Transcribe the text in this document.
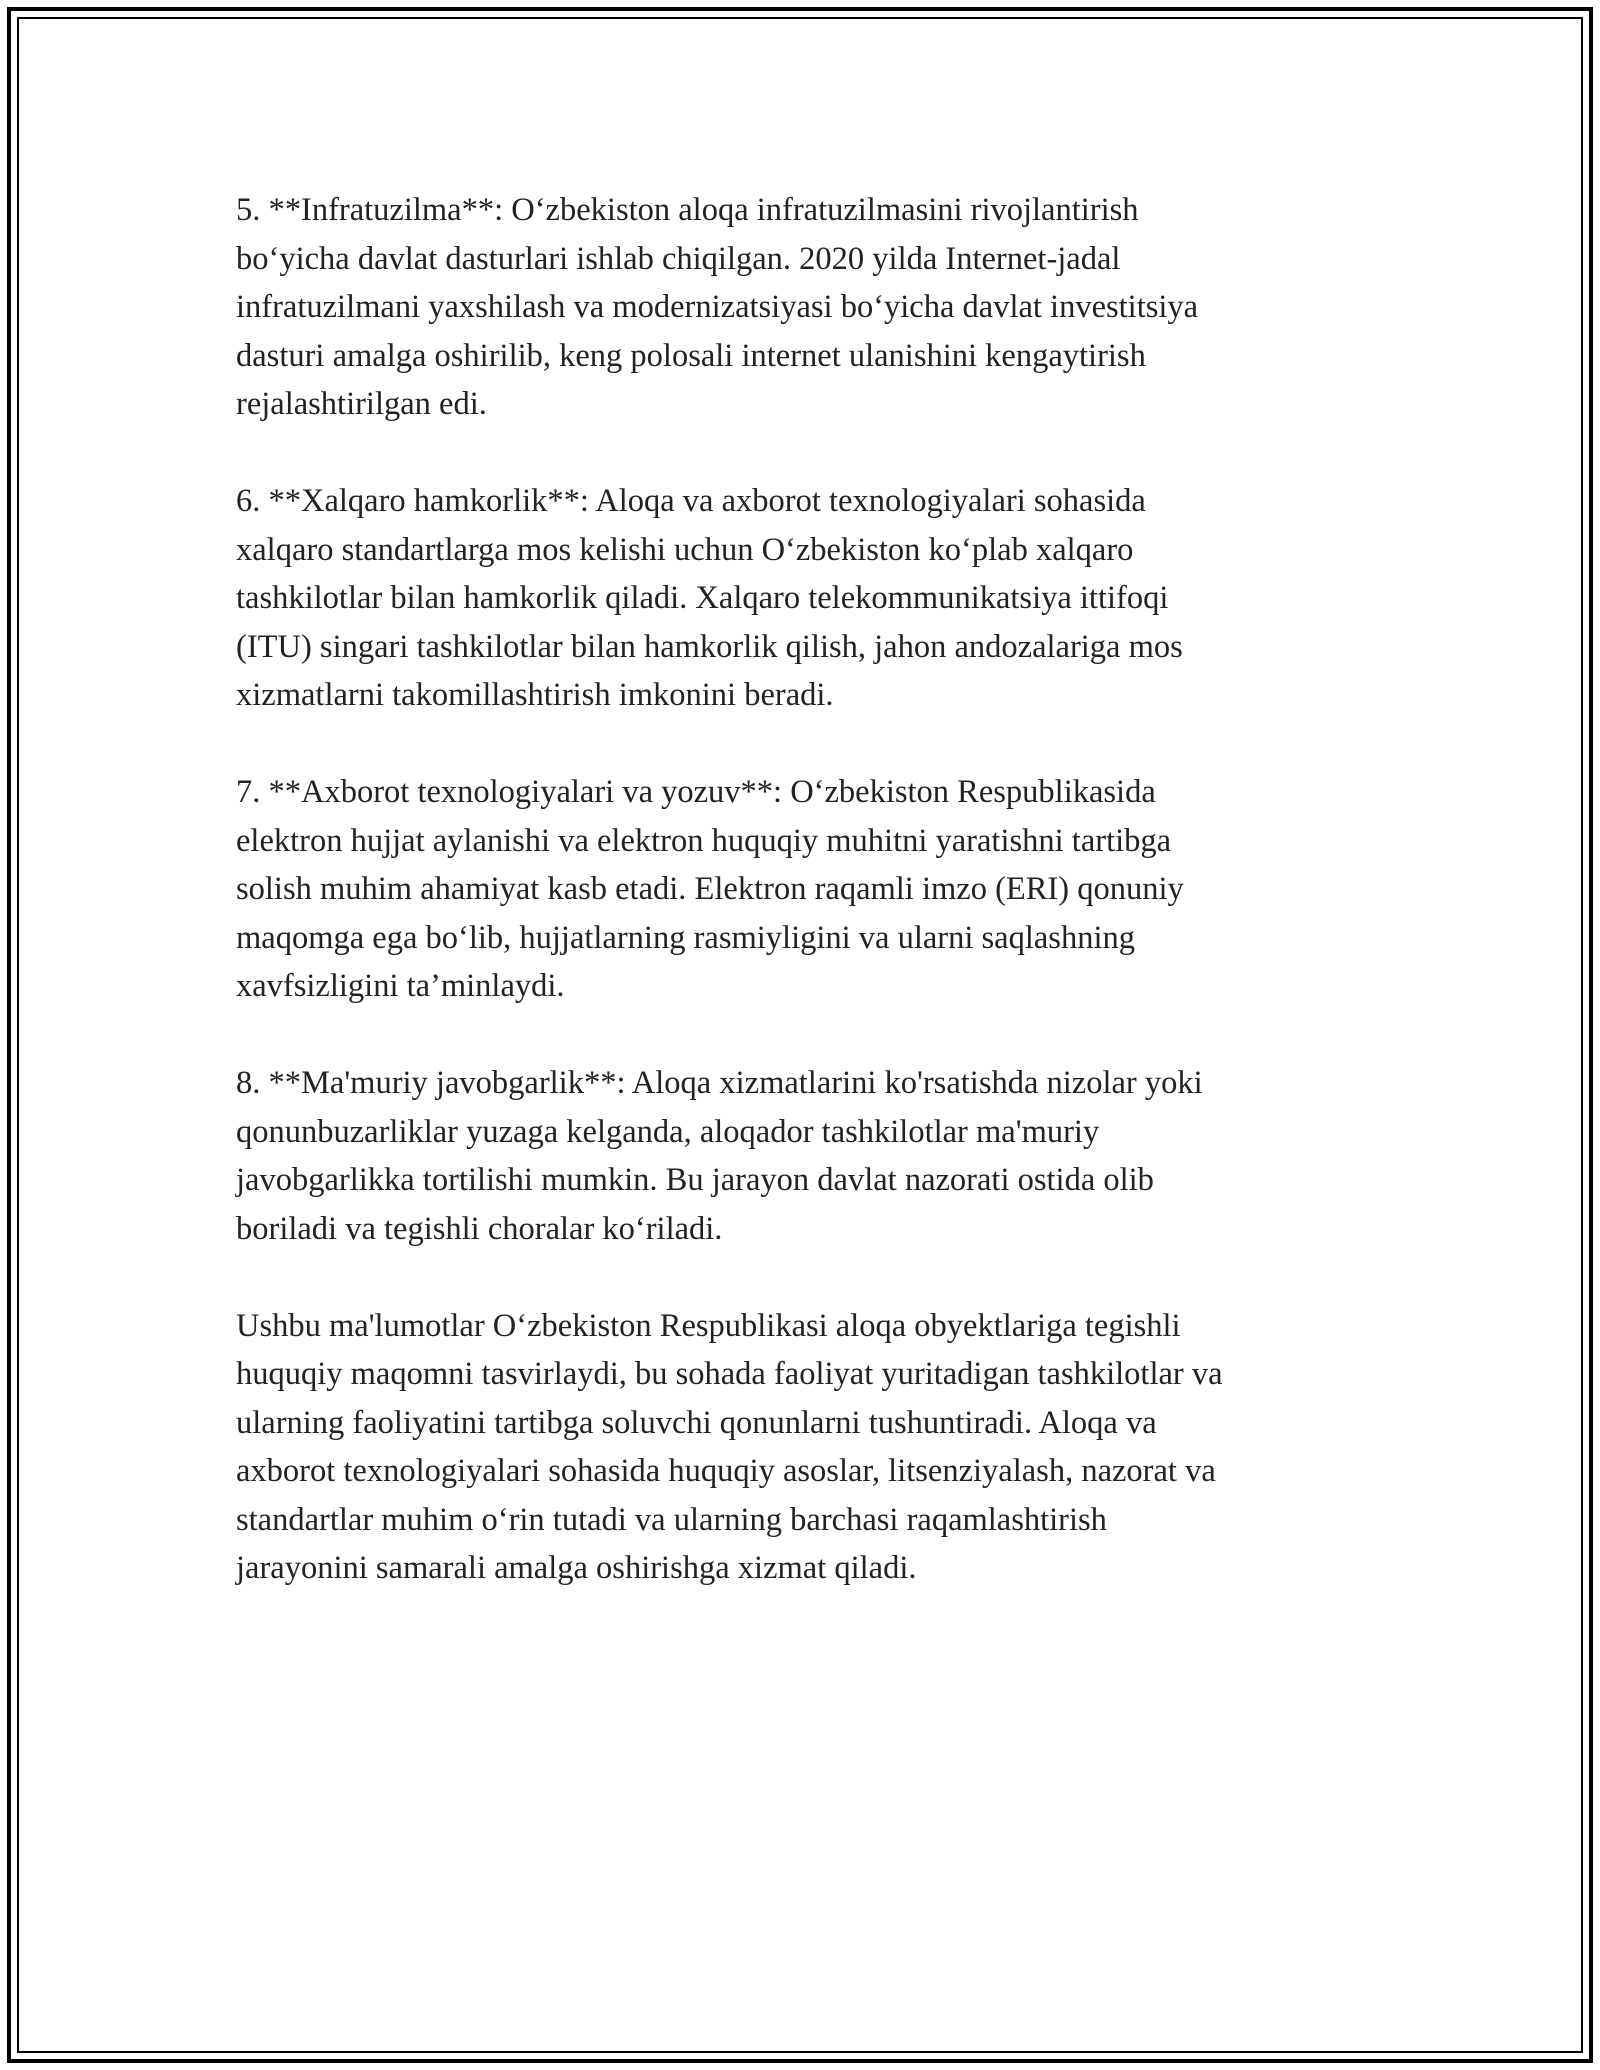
5. **Infratuzilma**: O‘zbekiston aloqa infratuzilmasini rivojlantirish
bo‘yicha davlat dasturlari ishlab chiqilgan. 2020 yilda Internet-jadal
infratuzilmani yaxshilash va modernizatsiyasi bo‘yicha davlat investitsiya
dasturi amalga oshirilib, keng polosali internet ulanishini kengaytirish
rejalashtirilgan edi.

6. **Xalqaro hamkorlik**: Aloqa va axborot texnologiyalari sohasida
xalqaro standartlarga mos kelishi uchun O‘zbekiston ko‘plab xalqaro
tashkilotlar bilan hamkorlik qiladi. Xalqaro telekommunikatsiya ittifoqi
(ITU) singari tashkilotlar bilan hamkorlik qilish, jahon andozalariga mos
xizmatlarni takomillashtirish imkonini beradi.

7. **Axborot texnologiyalari va yozuv**: O‘zbekiston Respublikasida
elektron hujjat aylanishi va elektron huquqiy muhitni yaratishni tartibga
solish muhim ahamiyat kasb etadi. Elektron raqamli imzo (ERI) qonuniy
maqomga ega bo‘lib, hujjatlarning rasmiyligini va ularni saqlashning
xavfsizligini ta’minlaydi.

8. **Ma'muriy javobgarlik**: Aloqa xizmatlarini ko'rsatishda nizolar yoki
qonunbuzarliklar yuzaga kelganda, aloqador tashkilotlar ma'muriy
javobgarlikka tortilishi mumkin. Bu jarayon davlat nazorati ostida olib
boriladi va tegishli choralar ko‘riladi.

Ushbu ma'lumotlar O‘zbekiston Respublikasi aloqa obyektlariga tegishli
huquqiy maqomni tasvirlaydi, bu sohada faoliyat yuritadigan tashkilotlar va
ularning faoliyatini tartibga soluvchi qonunlarni tushuntiradi. Aloqa va
axborot texnologiyalari sohasida huquqiy asoslar, litsenziyalash, nazorat va
standartlar muhim o‘rin tutadi va ularning barchasi raqamlashtirish
jarayonini samarali amalga oshirishga xizmat qiladi.
